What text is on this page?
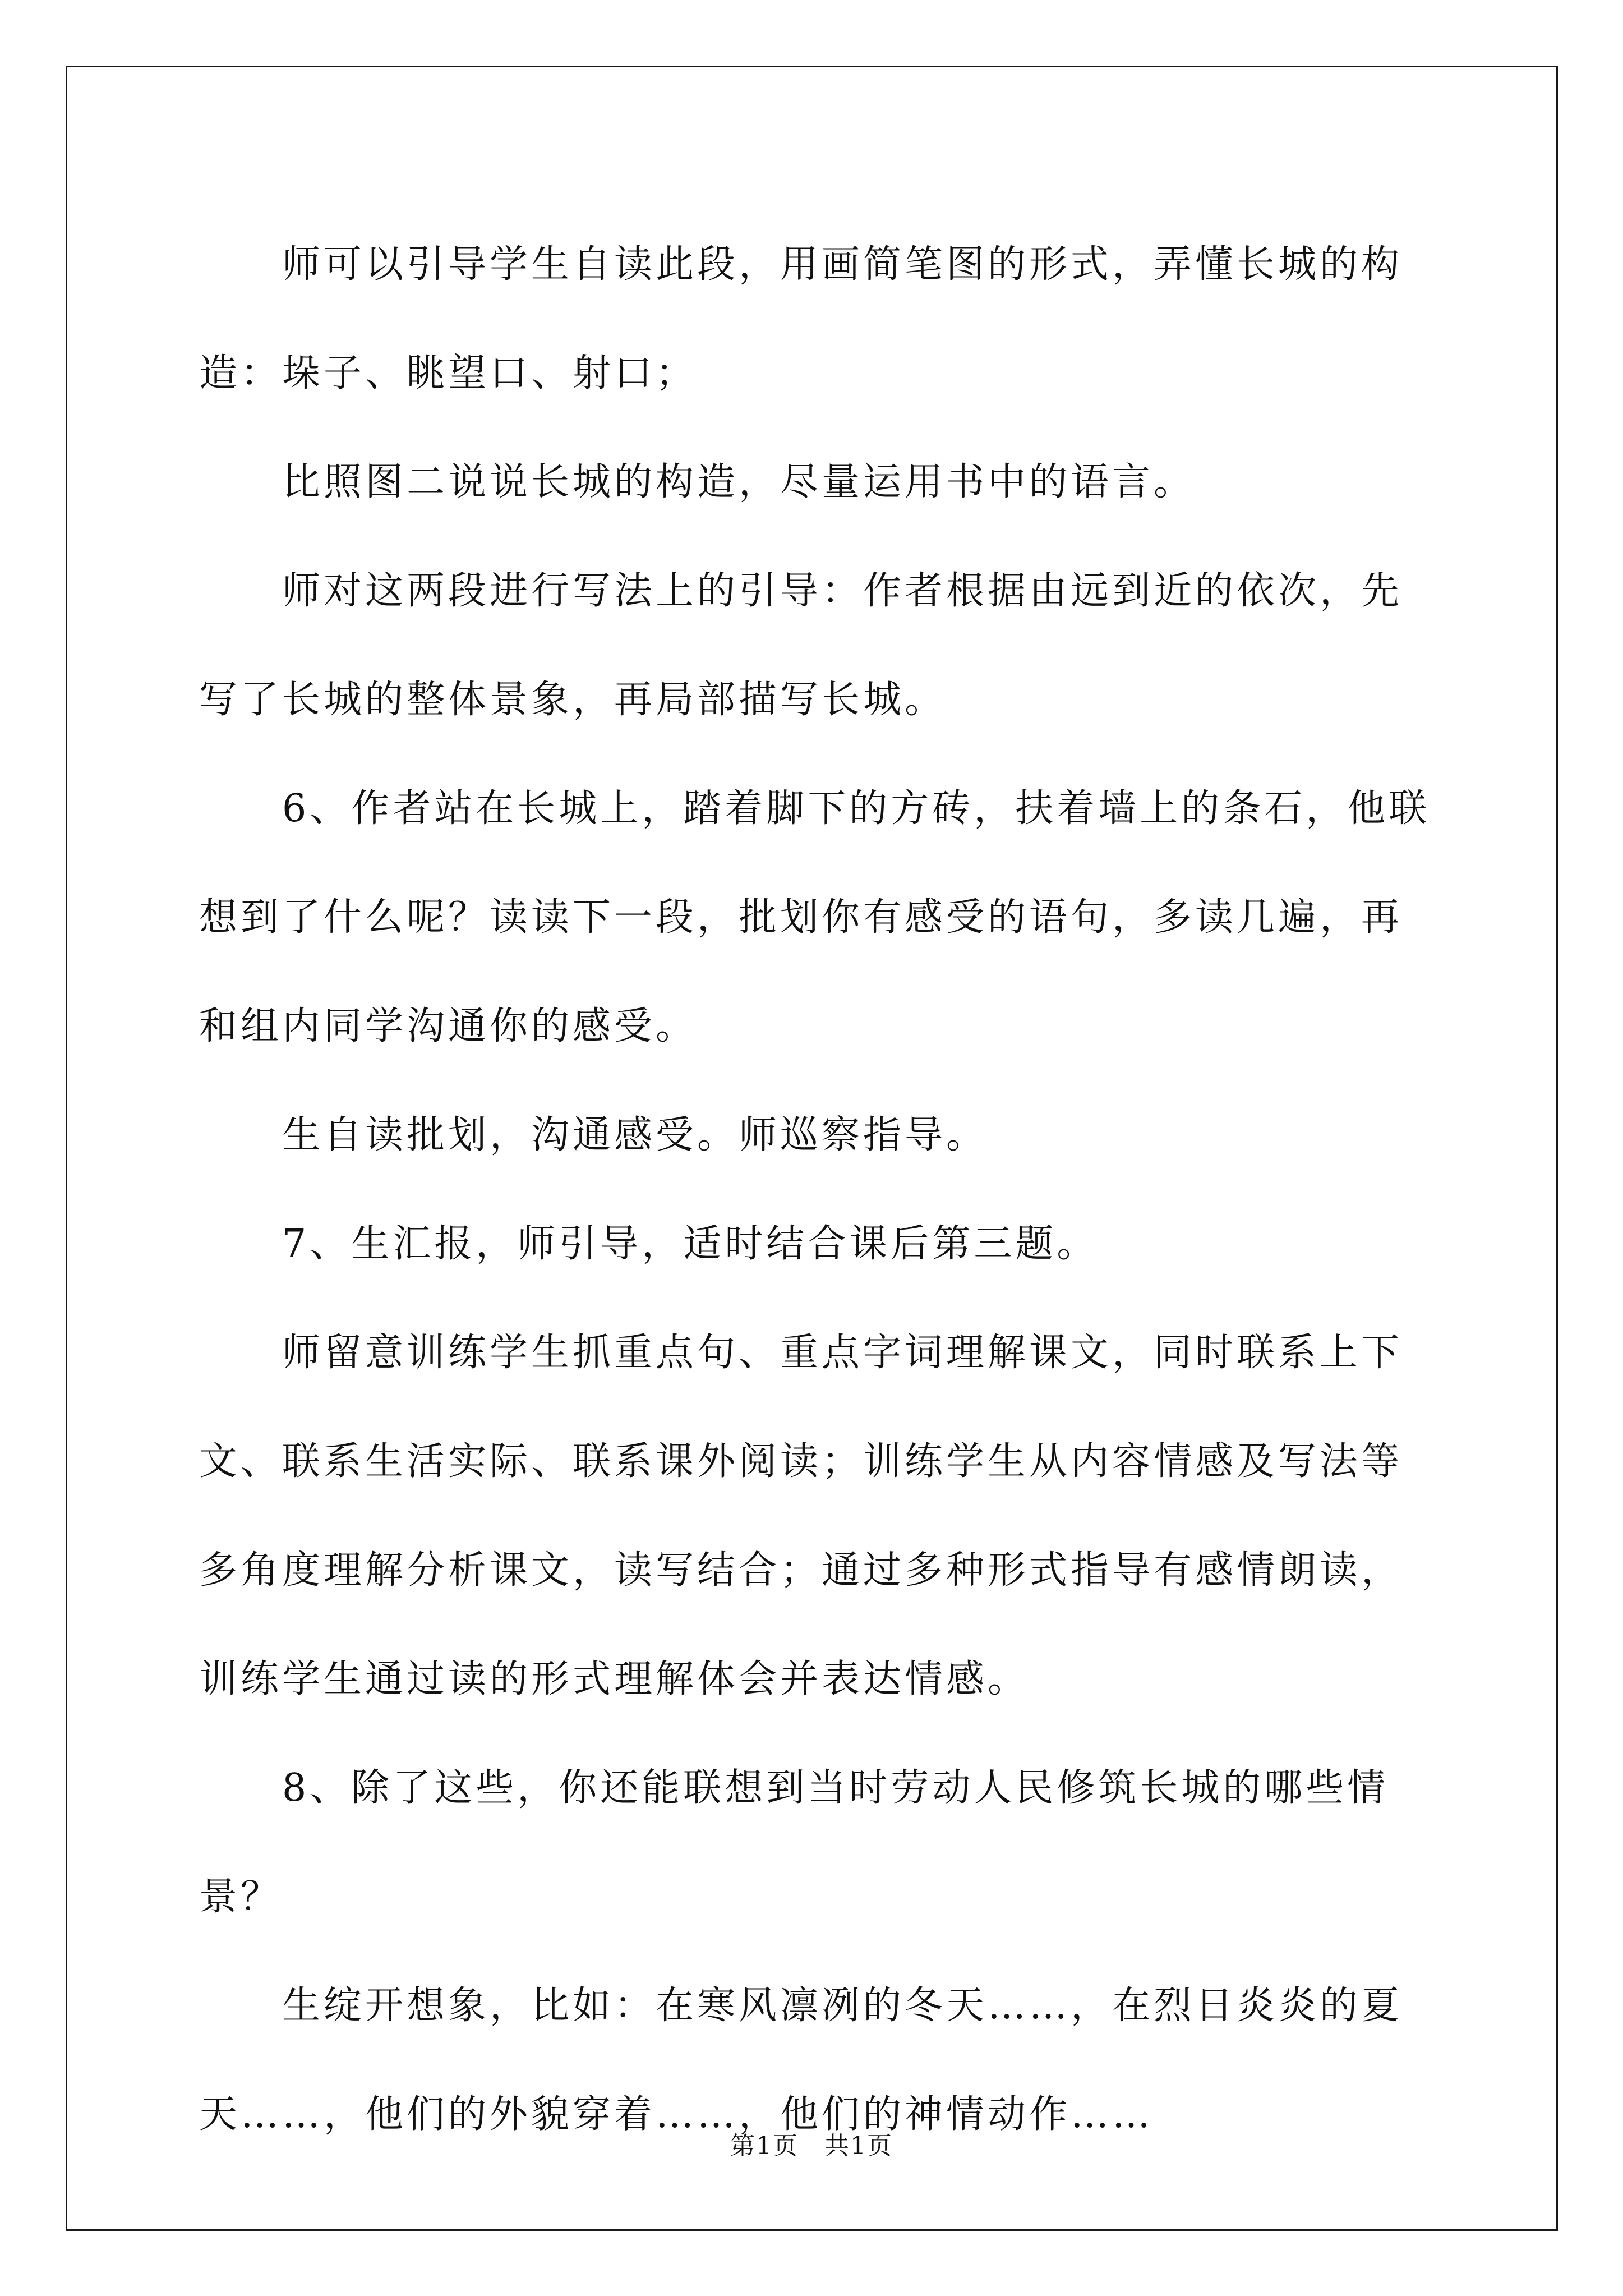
师可以引导学生自读此段，用画简笔图的形式，弄懂长城的构造：垛子、眺望口、射口；

比照图二说说长城的构造，尽量运用书中的语言。

师对这两段进行写法上的引导：作者根据由远到近的依次，先写了长城的整体景象，再局部描写长城。

6、作者站在长城上，踏着脚下的方砖，扶着墙上的条石，他联想到了什么呢？读读下一段，批划你有感受的语句，多读几遍，再和组内同学沟通你的感受。

生自读批划，沟通感受。师巡察指导。

7、生汇报，师引导，适时结合课后第三题。

师留意训练学生抓重点句、重点字词理解课文，同时联系上下文、联系生活实际、联系课外阅读；训练学生从内容情感及写法等多角度理解分析课文，读写结合；通过多种形式指导有感情朗读，训练学生通过读的形式理解体会并表达情感。

8、除了这些，你还能联想到当时劳动人民修筑长城的哪些情景？

生绽开想象，比如：在寒风凛冽的冬天……，在烈日炎炎的夏天……，他们的外貌穿着……，他们的神情动作……

第1页　共1页
